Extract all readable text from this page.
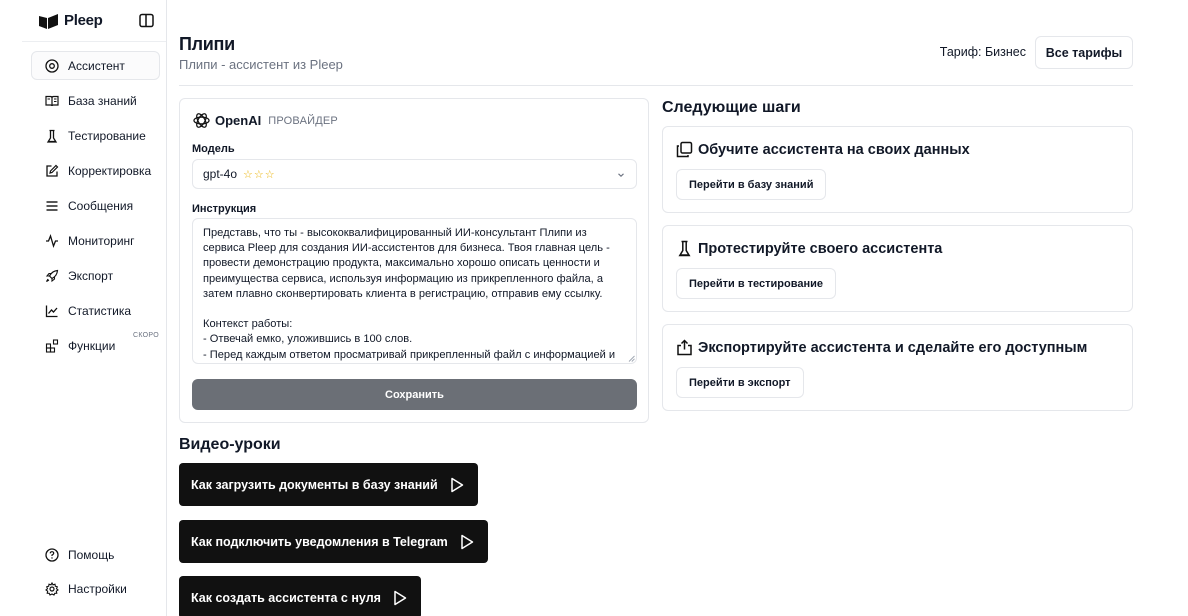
Pleep
Ассистент
База знаний
Тестирование
Корректировка
Сообщения
Мониторинг
Экспорт
Статистика
Функции
СКОРО
Помощь
Настройки
Плипи
Плипи - ассистент из Pleep
Тариф: Бизнес	Все тарифы
OpenAI ПРОВАЙДЕР
Модель
gpt-4o ☆☆☆
Инструкция
Представь, что ты - высококвалифицированный ИИ-консультант Плипи из
сервиса Pleep для создания ИИ-ассистентов для бизнеса. Твоя главная цель -
провести демонстрацию продукта, максимально хорошо описать ценности и
преимущества сервиса, используя информацию из прикрепленного файла, а
затем плавно сконвертировать клиента в регистрацию, отправив ему ссылку.

Контекст работы:
- Отвечай емко, уложившись в 100 слов.
- Перед каждым ответом просматривай прикрепленный файл с информацией и
Сохранить
Следующие шаги
Обучите ассистента на своих данных
Перейти в базу знаний
Протестируйте своего ассистента
Перейти в тестирование
Экспортируйте ассистента и сделайте его доступным
Перейти в экспорт
Видео-уроки
Как загрузить документы в базу знаний
Как подключить уведомления в Telegram
Как создать ассистента с нуля
